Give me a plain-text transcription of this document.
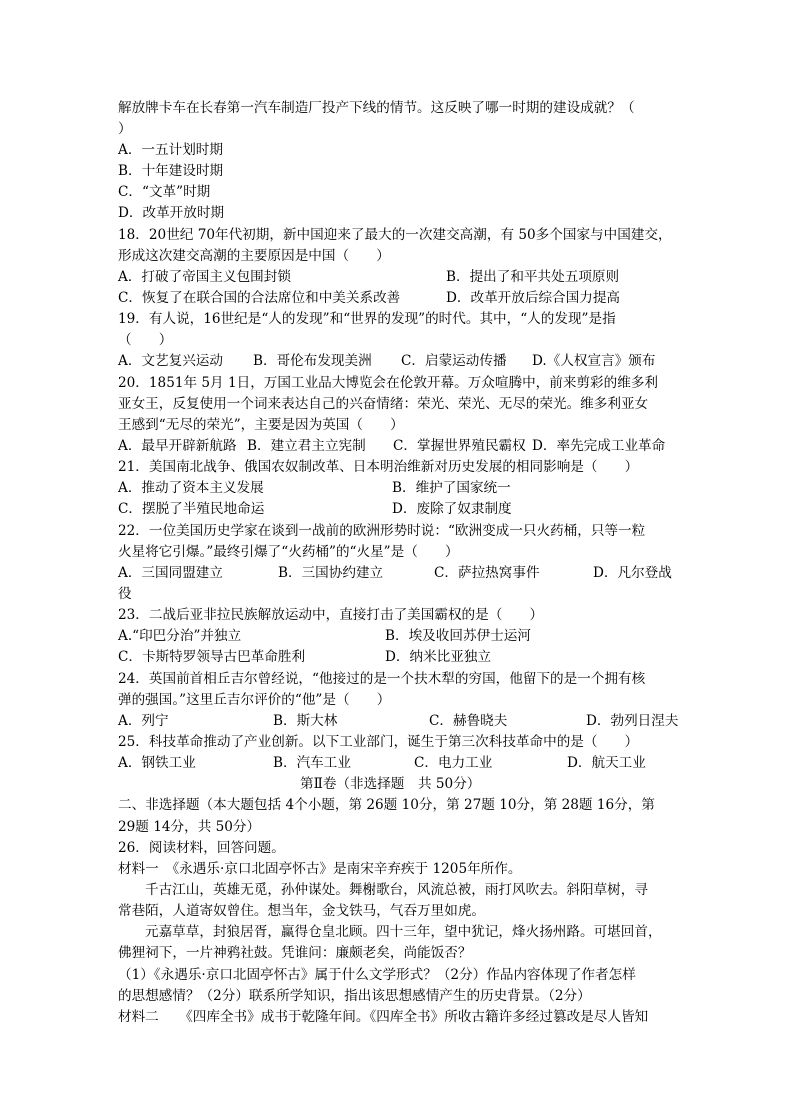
解放牌卡车在长春第一汽车制造厂投产下线的情节。这反映了哪一时期的建设成就？（
）
A．一五计划时期
B．十年建设时期
C．“文革”时期
D．改革开放时期
18．20世纪 70年代初期，新中国迎来了最大的一次建交高潮，有 50多个国家与中国建交，
形成这次建交高潮的主要原因是中国（　　）
A．打破了帝国主义包围封锁	B．提出了和平共处五项原则
C．恢复了在联合国的合法席位和中美关系改善	D．改革开放后综合国力提高
19．有人说，16世纪是“人的发现”和“世界的发现”的时代。其中，“人的发现”是指
（　　）
A．文艺复兴运动 B．哥伦布发现美洲 C．启蒙运动传播 D.《人权宣言》颁布
20．1851年 5月 1日，万国工业品大博览会在伦敦开幕。万众喧腾中，前来剪彩的维多利
亚女王，反复使用一个词来表达自己的兴奋情绪：荣光、荣光、无尽的荣光。维多利亚女
王感到“无尽的荣光”，主要是因为英国（　　）
A．最早开辟新航路 B．建立君主立宪制 C．掌握世界殖民霸权 D．率先完成工业革命
21．美国南北战争、俄国农奴制改革、日本明治维新对历史发展的相同影响是（　　）
A．推动了资本主义发展	B．维护了国家统一
C．摆脱了半殖民地命运	D．废除了奴隶制度
22．一位美国历史学家在谈到一战前的欧洲形势时说：“欧洲变成一只火药桶，只等一粒
火星将它引爆。”最终引爆了“火药桶”的“火星”是（　　）
A．三国同盟建立	B．三国协约建立	C．萨拉热窝事件	D．凡尔登战
役
23．二战后亚非拉民族解放运动中，直接打击了美国霸权的是（　　）
A.“印巴分治”并独立	B．埃及收回苏伊士运河
C．卡斯特罗领导古巴革命胜利	D．纳米比亚独立
24．英国前首相丘吉尔曾经说，“他接过的是一个扶木犁的穷国，他留下的是一个拥有核
弹的强国。”这里丘吉尔评价的“他”是（　　）
A．列宁	B．斯大林	C．赫鲁晓夫	D．勃列日涅夫
25．科技革命推动了产业创新。以下工业部门，诞生于第三次科技革命中的是（　　）
A．钢铁工业	B．汽车工业	C．电力工业	D．航天工业
第Ⅱ卷（非选择题　共 50分）
二、非选择题（本大题包括 4个小题，第 26题 10分，第 27题 10分，第 28题 16分，第
29题 14分，共 50分）
26．阅读材料，回答问题。
材料一　《永遇乐·京口北固亭怀古》是南宋辛弃疾于 1205年所作。
千古江山，英雄无觅，孙仲谋处。舞榭歌台，风流总被，雨打风吹去。斜阳草树，寻
常巷陌，人道寄奴曾住。想当年，金戈铁马，气吞万里如虎。
元嘉草草，封狼居胥，赢得仓皇北顾。四十三年，望中犹记，烽火扬州路。可堪回首，
佛狸祠下，一片神鸦社鼓。凭谁问：廉颇老矣，尚能饭否？
（1）《永遇乐·京口北固亭怀古》属于什么文学形式？（2分）作品内容体现了作者怎样
的思想感情？（2分）联系所学知识，指出该思想感情产生的历史背景。（2分）
材料二　　《四库全书》成书于乾隆年间。《四库全书》所收古籍许多经过篡改是尽人皆知
